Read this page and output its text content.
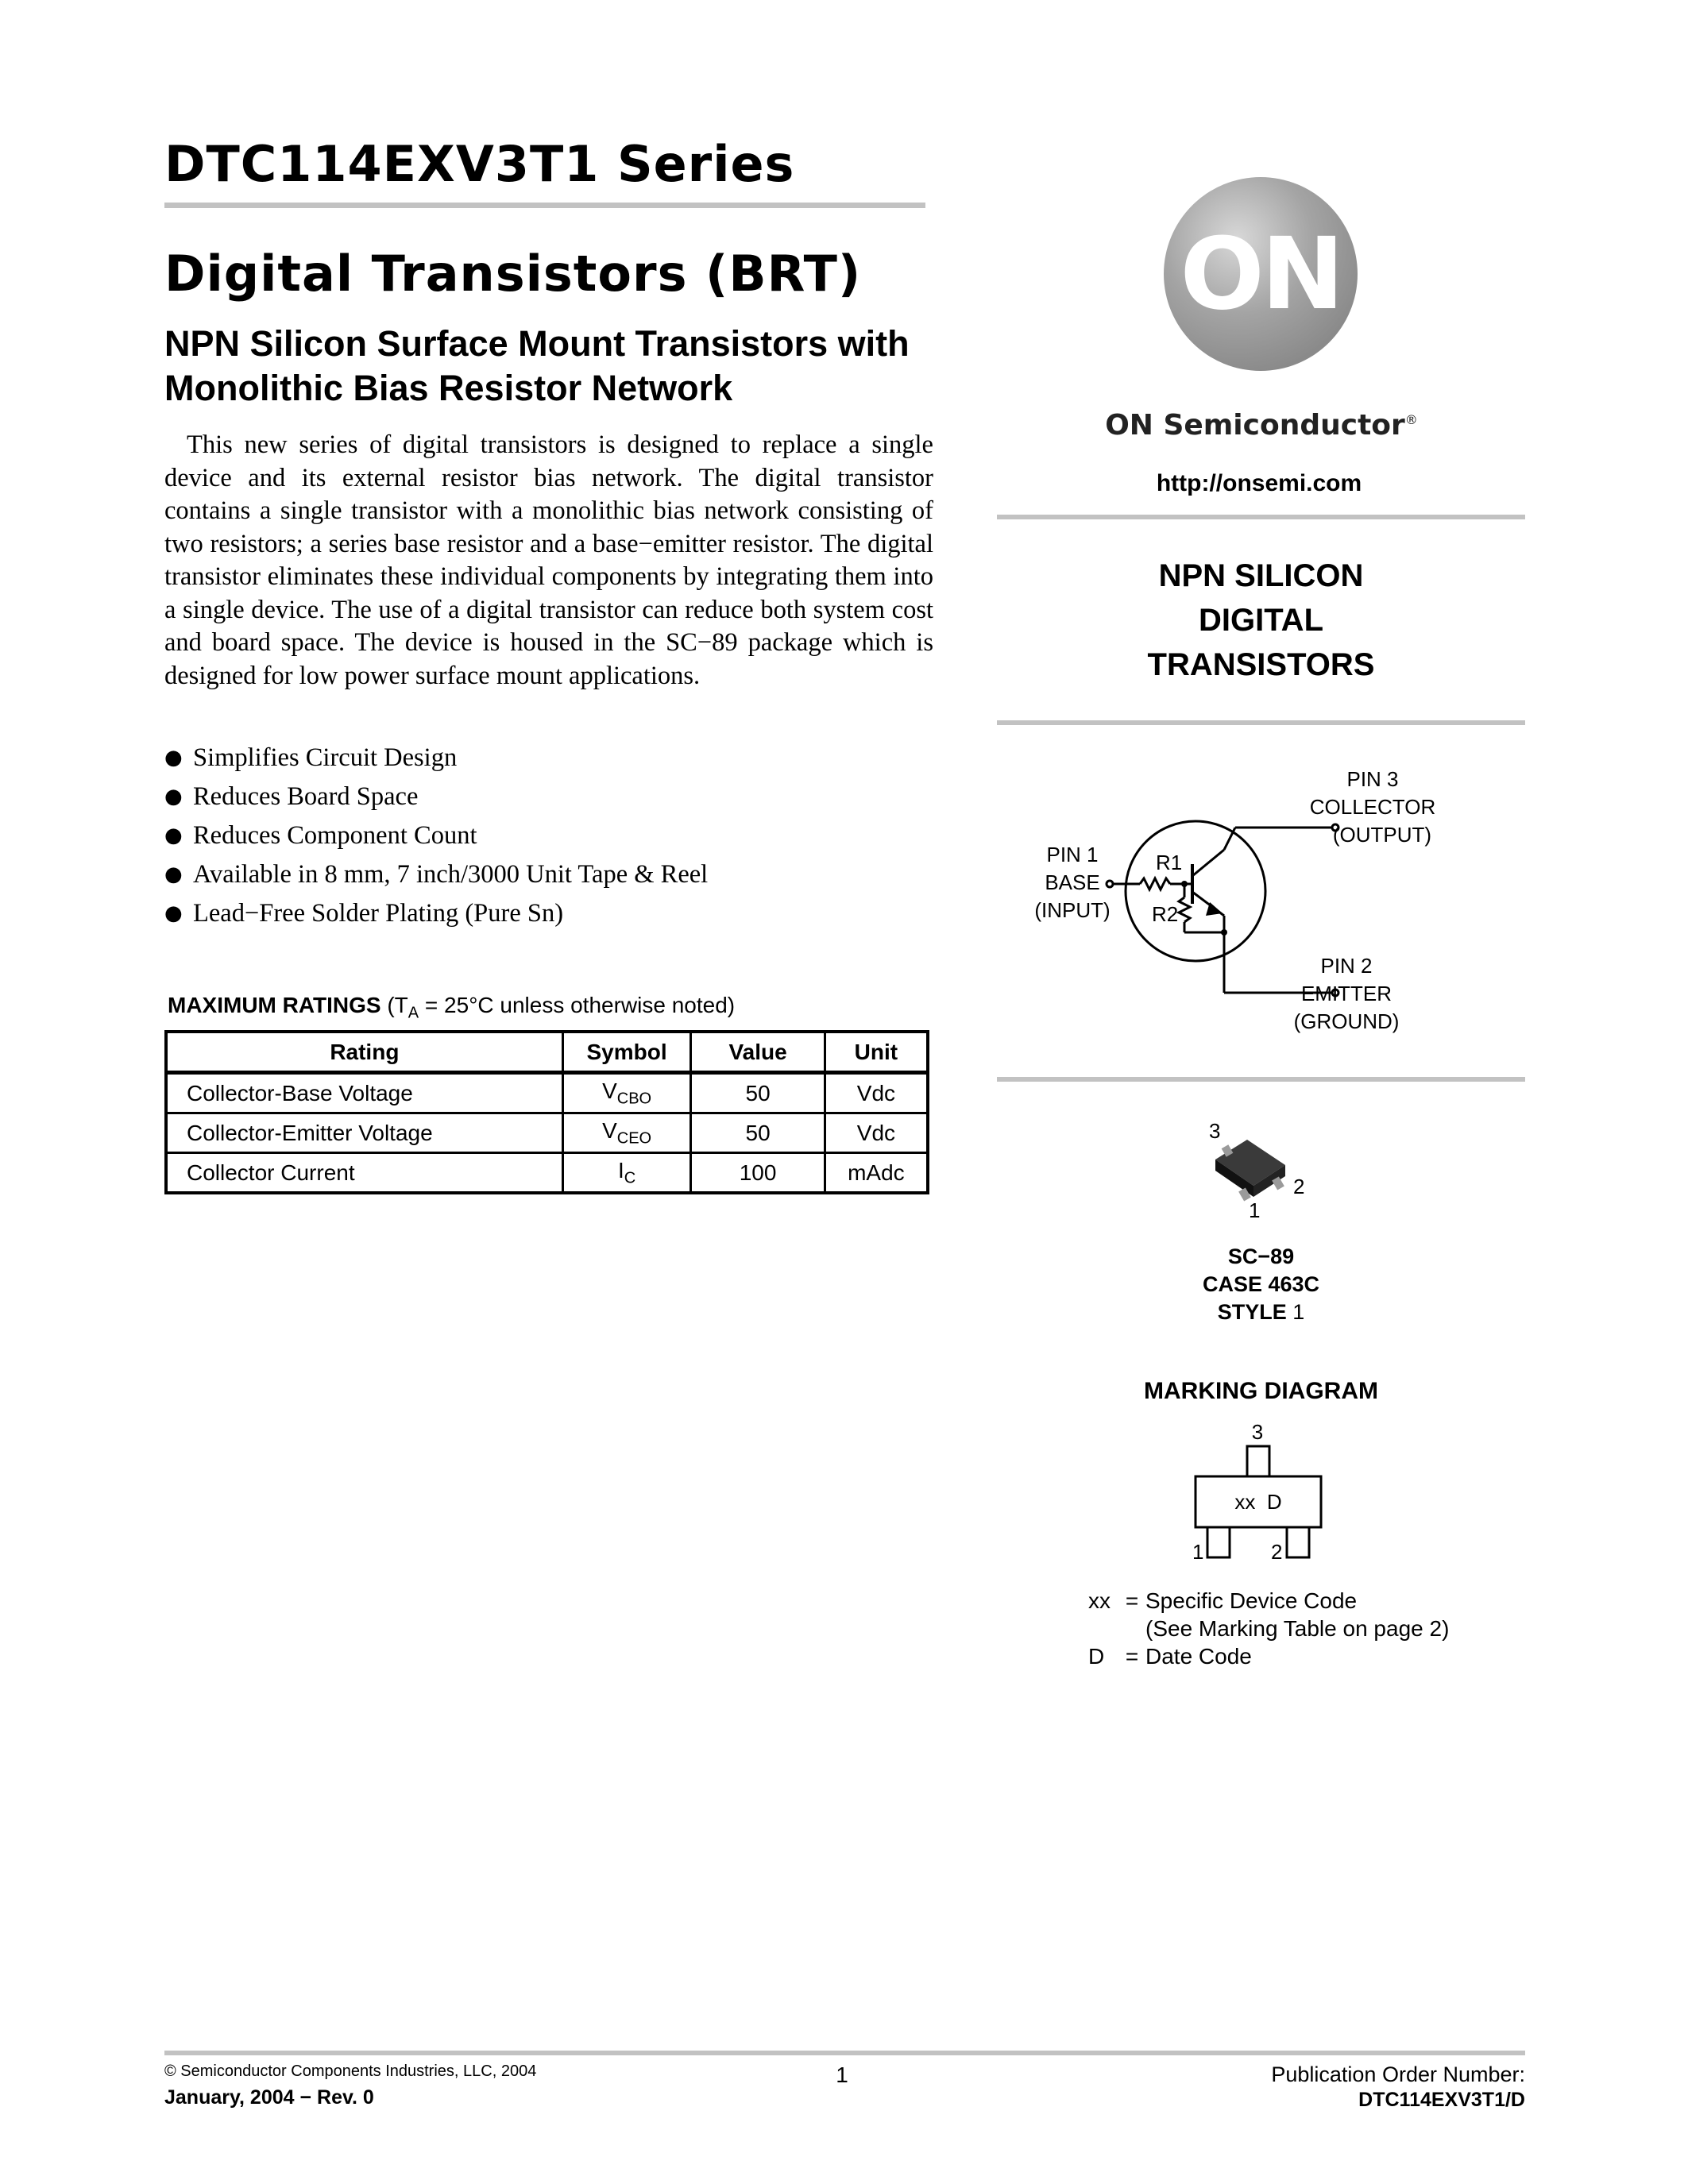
DTC114EXV3T1 Series
Digital Transistors (BRT)
NPN Silicon Surface Mount Transistors with Monolithic Bias Resistor Network

This new series of digital transistors is designed to replace a single device and its external resistor bias network. The digital transistor contains a single transistor with a monolithic bias network consisting of two resistors; a series base resistor and a base−emitter resistor. The digital transistor eliminates these individual components by integrating them into a single device. The use of a digital transistor can reduce both system cost and board space. The device is housed in the SC−89 package which is designed for low power surface mount applications.

● Simplifies Circuit Design
● Reduces Board Space
● Reduces Component Count
● Available in 8 mm, 7 inch/3000 Unit Tape & Reel
● Lead−Free Solder Plating (Pure Sn)
MAXIMUM RATINGS ($T_A = 25^\circ C$ unless otherwise noted)
Rating	Symbol	Value	Unit
Collector-Base Voltage	$V_{CBO}$	50	Vdc
Collector-Emitter Voltage	$V_{CEO}$	50	Vdc
Collector Current	$I_C$	100	mAdc
ON
ON Semiconductor®
http://onsemi.com
NPN SILICON
DIGITAL
TRANSISTORS
PIN 3
COLLECTOR
(OUTPUT)
PIN 1
BASE
(INPUT)
PIN 2
EMITTER
(GROUND)
R1
R2
3
2
1
SC−89
CASE 463C
STYLE 1
MARKING DIAGRAM
3
xx  D
1	2
xx = Specific Device Code
(See Marking Table on page 2)
D = Date Code
© Semiconductor Components Industries, LLC, 2004
January, 2004 − Rev. 0
1	Publication Order Number:
DTC114EXV3T1/D
